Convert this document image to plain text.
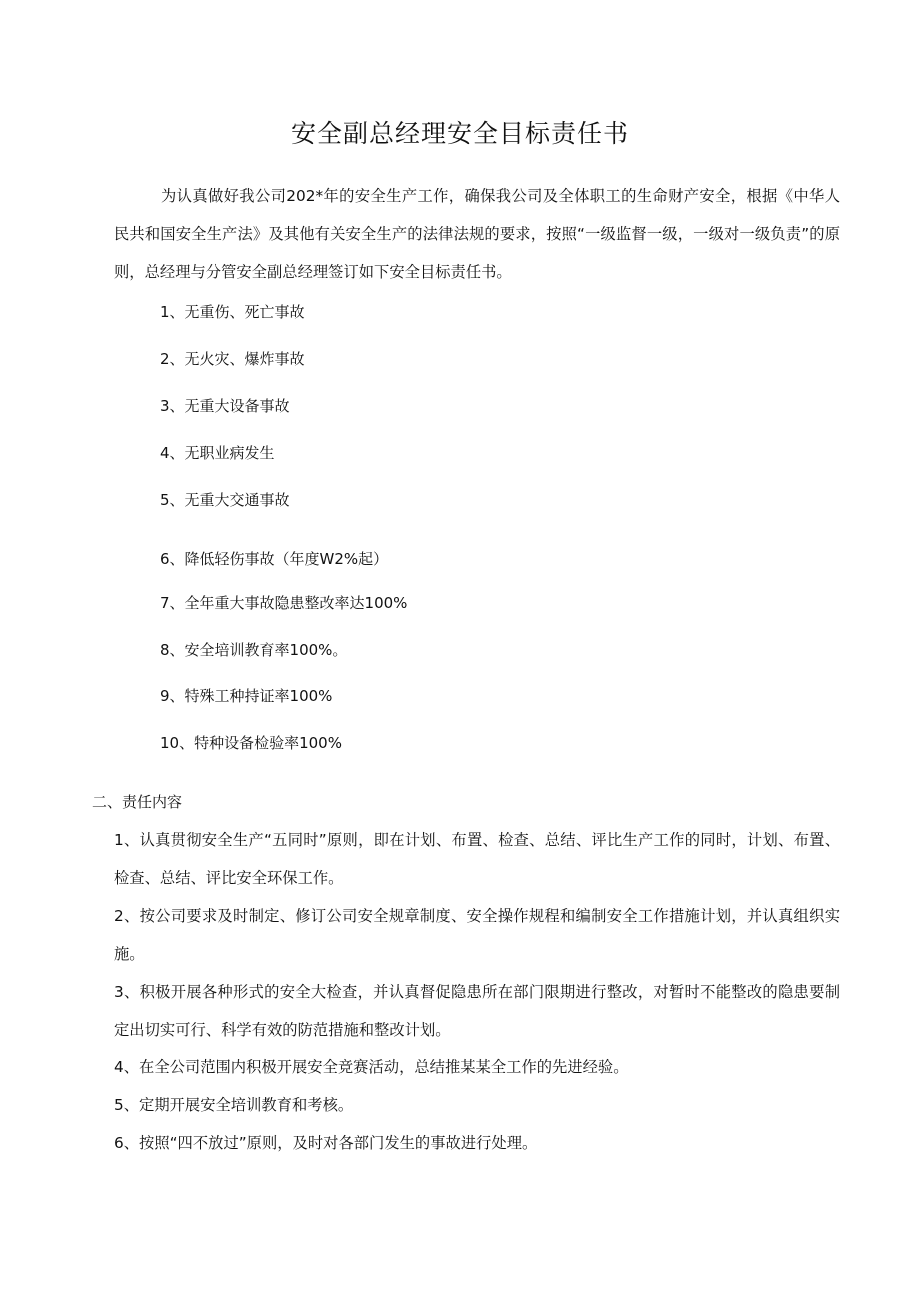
安全副总经理安全目标责任书
为认真做好我公司202*年的安全生产工作，确保我公司及全体职工的生命财产安全，根据《中华人民共和国安全生产法》及其他有关安全生产的法律法规的要求，按照“一级监督一级，一级对一级负责”的原则，总经理与分管安全副总经理签订如下安全目标责任书。
1、无重伤、死亡事故
2、无火灾、爆炸事故
3、无重大设备事故
4、无职业病发生
5、无重大交通事故
6、降低轻伤事故（年度W2%起）
7、全年重大事故隐患整改率达100%
8、安全培训教育率100%。
9、特殊工种持证率100%
10、特种设备检验率100%
二、责任内容
1、认真贯彻安全生产“五同时”原则，即在计划、布置、检查、总结、评比生产工作的同时，计划、布置、检查、总结、评比安全环保工作。
2、按公司要求及时制定、修订公司安全规章制度、安全操作规程和编制安全工作措施计划，并认真组织实施。
3、积极开展各种形式的安全大检查，并认真督促隐患所在部门限期进行整改，对暂时不能整改的隐患要制定出切实可行、科学有效的防范措施和整改计划。
4、在全公司范围内积极开展安全竞赛活动，总结推某某全工作的先进经验。
5、定期开展安全培训教育和考核。
6、按照“四不放过”原则，及时对各部门发生的事故进行处理。
